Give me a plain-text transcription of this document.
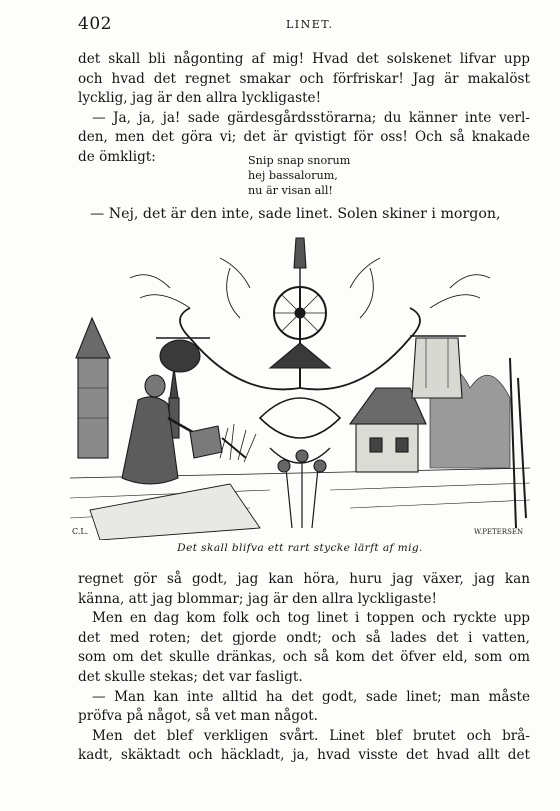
402	LINET.

det skall bli någonting af mig! Hvad det solskenet lifvar upp

och hvad det regnet smakar och förfriskar! Jag är makalöst

lycklig, jag är den allra lyckligaste!

— Ja, ja, ja! sade gärdesgårdsstörarna; du känner inte verl-

den, men det göra vi; det är qvistigt för oss! Och så knakade

de ömkligt:	Snip snap snorum
hej bassalorum,
nu är visan all!
— Nej, det är den inte, sade linet. Solen skiner i morgon,
C.L.	W.PETERSEN
Det skall blifva ett rart stycke lärft af mig.

regnet gör så godt, jag kan höra, huru jag växer, jag kan

känna, att jag blommar; jag är den allra lyckligaste!

Men en dag kom folk och tog linet i toppen och ryckte upp

det med roten; det gjorde ondt; och så lades det i vatten,

som om det skulle dränkas, och så kom det öfver eld, som om

det skulle stekas; det var fasligt.

— Man kan inte alltid ha det godt, sade linet; man måste

pröfva på något, så vet man något.

Men det blef verkligen svårt. Linet blef brutet och brå-

kadt, skäktadt och häckladt, ja, hvad visste det hvad allt det
